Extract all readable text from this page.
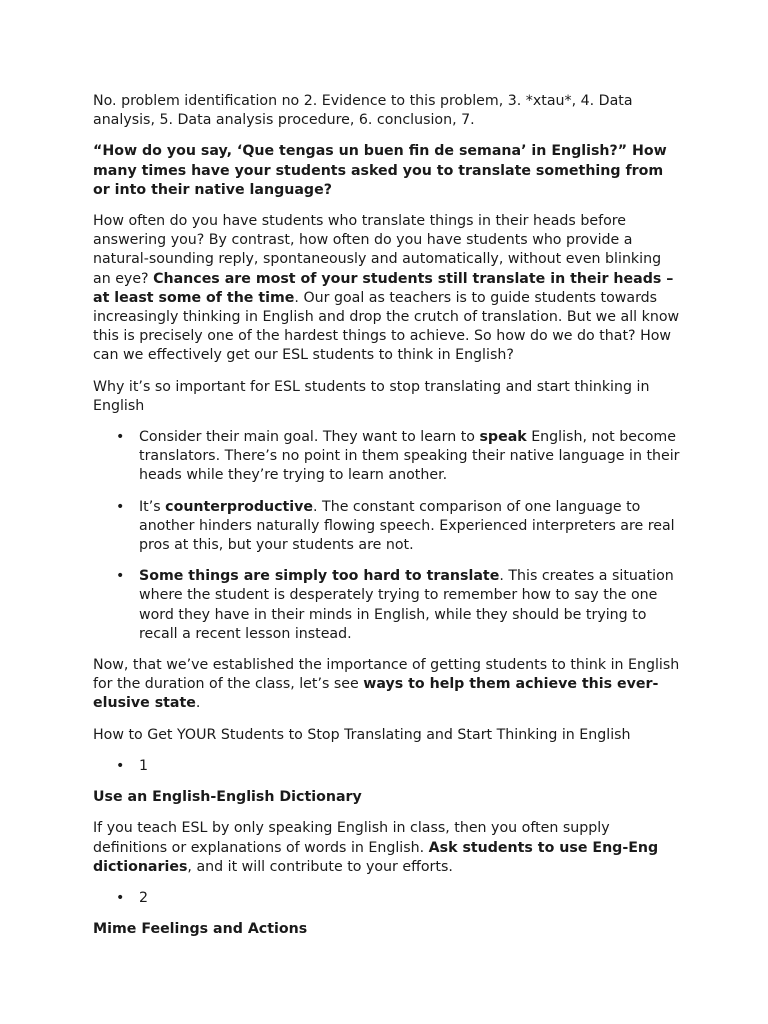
No. problem identification no 2. Evidence to this problem, 3. *xtau*, 4. Data analysis, 5. Data analysis procedure, 6. conclusion, 7.

“How do you say, ‘Que tengas un buen fin de semana’ in English?” How many times have your students asked you to translate something from or into their native language?

How often do you have students who translate things in their heads before answering you? By contrast, how often do you have students who provide a natural-sounding reply, spontaneously and automatically, without even blinking an eye? Chances are most of your students still translate in their heads – at least some of the time. Our goal as teachers is to guide students towards increasingly thinking in English and drop the crutch of translation. But we all know this is precisely one of the hardest things to achieve. So how do we do that? How can we effectively get our ESL students to think in English?

Why it’s so important for ESL students to stop translating and start thinking in English

• Consider their main goal. They want to learn to speak English, not become translators. There’s no point in them speaking their native language in their heads while they’re trying to learn another.
• It’s counterproductive. The constant comparison of one language to another hinders naturally flowing speech. Experienced interpreters are real pros at this, but your students are not.
• Some things are simply too hard to translate. This creates a situation where the student is desperately trying to remember how to say the one word they have in their minds in English, while they should be trying to recall a recent lesson instead.

Now, that we’ve established the importance of getting students to think in English for the duration of the class, let’s see ways to help them achieve this ever-elusive state.

How to Get YOUR Students to Stop Translating and Start Thinking in English

• 1

Use an English-English Dictionary

If you teach ESL by only speaking English in class, then you often supply definitions or explanations of words in English. Ask students to use Eng-Eng dictionaries, and it will contribute to your efforts.

• 2

Mime Feelings and Actions
